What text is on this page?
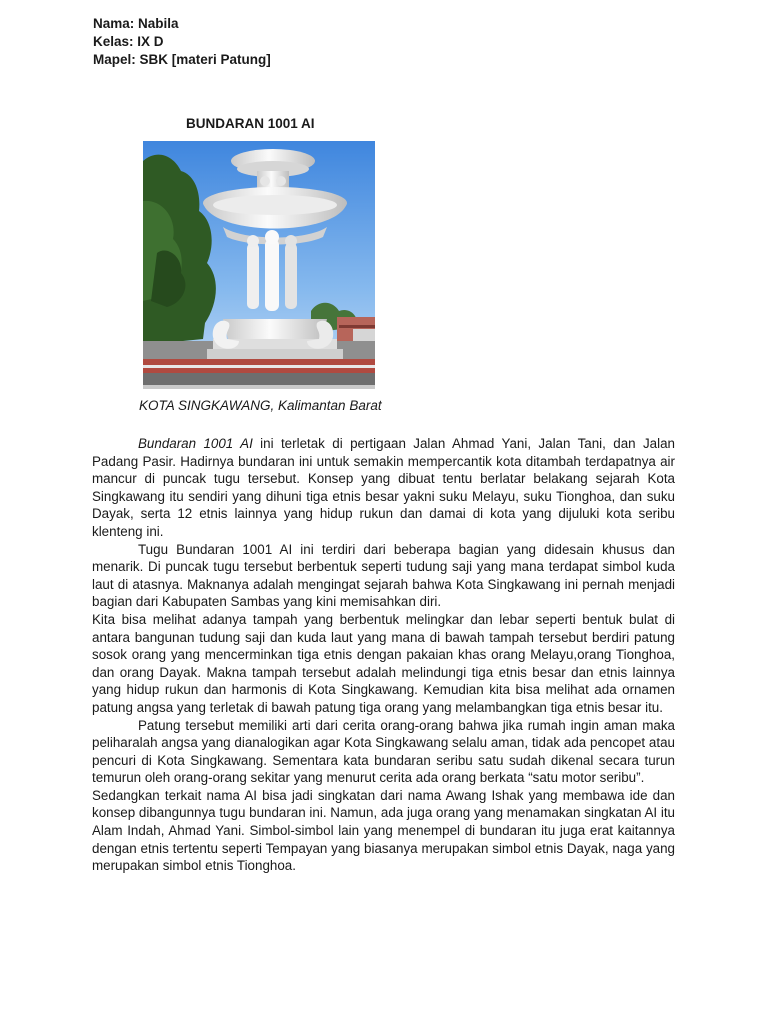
Nama: Nabila
Kelas: IX D
Mapel: SBK [materi Patung]
BUNDARAN 1001 AI
KOTA SINGKAWANG, Kalimantan Barat

Bundaran 1001 AI ini terletak di pertigaan Jalan Ahmad Yani, Jalan Tani, dan Jalan Padang Pasir. Hadirnya bundaran ini untuk semakin mempercantik kota ditambah terdapatnya air mancur di puncak tugu tersebut. Konsep yang dibuat tentu berlatar belakang sejarah Kota Singkawang itu sendiri yang dihuni tiga etnis besar yakni suku Melayu, suku Tionghoa, dan suku Dayak, serta 12 etnis lainnya yang hidup rukun dan damai di kota yang dijuluki kota seribu klenteng ini.

Tugu Bundaran 1001 AI ini terdiri dari beberapa bagian yang didesain khusus dan menarik. Di puncak tugu tersebut berbentuk seperti tudung saji yang mana terdapat simbol kuda laut di atasnya. Maknanya adalah mengingat sejarah bahwa Kota Singkawang ini pernah menjadi bagian dari Kabupaten Sambas yang kini memisahkan diri.

Kita bisa melihat adanya tampah yang berbentuk melingkar dan lebar seperti bentuk bulat di antara bangunan tudung saji dan kuda laut yang mana di bawah tampah tersebut berdiri patung sosok orang yang mencerminkan tiga etnis dengan pakaian khas orang Melayu,orang Tionghoa, dan orang Dayak. Makna tampah tersebut adalah melindungi tiga etnis besar dan etnis lainnya yang hidup rukun dan harmonis di Kota Singkawang. Kemudian kita bisa melihat ada ornamen patung angsa yang terletak di bawah patung tiga orang yang melambangkan tiga etnis besar itu.

Patung tersebut memiliki arti dari cerita orang-orang bahwa jika rumah ingin aman maka peliharalah angsa yang dianalogikan agar Kota Singkawang selalu aman, tidak ada pencopet atau pencuri di Kota Singkawang. Sementara kata bundaran seribu satu sudah dikenal secara turun temurun oleh orang-orang sekitar yang menurut cerita ada orang berkata “satu motor seribu”.

Sedangkan terkait nama AI bisa jadi singkatan dari nama Awang Ishak yang membawa ide dan konsep dibangunnya tugu bundaran ini. Namun, ada juga orang yang menamakan singkatan AI itu Alam Indah, Ahmad Yani. Simbol-simbol lain yang menempel di bundaran itu juga erat kaitannya dengan etnis tertentu seperti Tempayan yang biasanya merupakan simbol etnis Dayak, naga yang merupakan simbol etnis Tionghoa.
